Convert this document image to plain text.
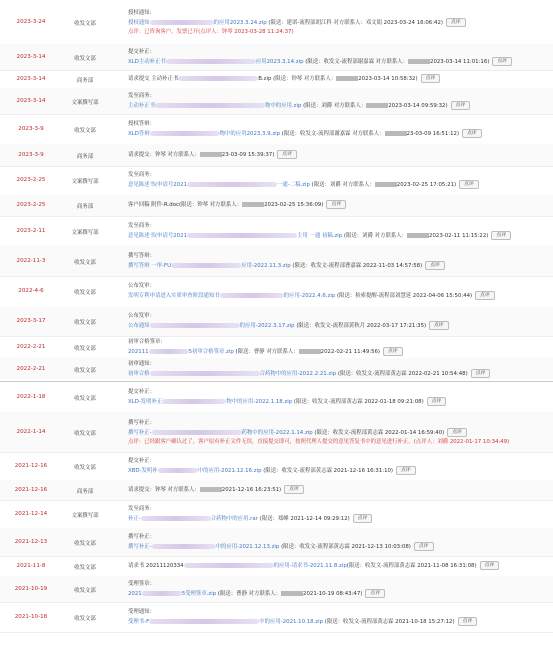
2023-3-24	收发文部
授权通知:
授权通知	的应用2023.3.24.zip (限送：建诺-流程部胡江科 对方联系人：邓文娟 2023-03-24 16:06:42) 点评
点评：已咨询客户，发票已开(点评人：钟琴 2023-03-28 11:24:37)
2023-3-14	收发文部
提交补正：
XLD主动补正书	应用2023.3.14.zip (限送：收发文-流程部谢嘉霖 对方联系人：	2023-03-14 11:01:16) 点评
2023-3-14	商务部	请求提交 主动补正书	B.zip (限送：钟琴 对方联系人：	2023-03-14 10:58:32) 点评
2023-3-14	文案撰写部
发至商务：
主动补正书	物中的应用.zip (限送：刘爵 对方联系人：	2023-03-14 09:59:32) 点评
2023-3-9	收发文部
授权答辩：
XLD答辩	物中的应用2023.3.9.zip (限送：收发文-流程部谢嘉霖 对方联系人：	23-03-09 16:51:12) 点评
2023-3-9	商务部	请求提交：钟琴 对方联系人：	23-03-09 15:39:37) 点评
2023-2-25	文案撰写部
发至商务：
意见陈述书(申请号2021	一通-二稿.zip (限送：刘爵 对方联系人：	2023-02-25 17:05:21) 点评
2023-2-25	商务部	客户回稿 附件-R.doc(限送：钟琴 对方联系人：	2023-02-25 15:36:09) 点评
2023-2-11	文案撰写部
发至商务：
意见陈述书(申请号2021	主用 一通 初稿.zip (限送：刘爵 对方联系人：	2023-02-11 11:15:22) 点评
2022-11-3	收发文部
撰写答辩：
撰写答辩 一审-FU	应用-2022.11.3.zip (限送：收发文-流程部曹嘉霖 2022-11-03 14:57:58) 点评
2022-4-6	收发文部
公布发审：
发明专利申请进入实质审查阶段通知书	的应用-2022.4.6.zip (限送：检索提醒-流程部刘慧延 2022-04-06 15:50:44) 点评
2023-3-17	收发文部
公布发审：
公布通知	的应用-2022.3.17.zip (限送：收发文-流程部黄秋月 2022-03-17 17:21:35) 点评
2022-2-21	收发文部
初审合格签章：
202111	5初审合格签章.zip (限送：曹静 对方联系人：	2022-02-21 11:49:56) 点评
2022-2-21	收发文部
初审通知：
初审合格	合药物中的应用-2022.2.21.zip (限送：收发文-流程部黄志霖 2022-02-21 10:54:48) 点评
2022-1-18	收发文部
提交补正：
XLD-发明补正	物中的应用-2022.1.18.zip (限送：收发文-流程部黄志霖 2022-01-18 09:21:08) 点评
2022-1-14	收发文部
撰写补正：
撰写补正-	药物中的应用-2022.1.14.zip (限送：收发文-流程部黄志霖 2022-01-14 16:59:40) 点评
点评：已经跟客户确认过了，客户原有补正文件无误，直接提交即可，按照代理人提交的意见答复书中的意见进行补正。(点评人：刘爵 2022-01-17 10:34:49)
2021-12-16	收发文部
提交补正：
XBD-发明补	中的应用-2021.12.16.zip (限送：收发文-流程部黄志霖 2021-12-16 16:31:10) 点评
2021-12-16	商务部	请求提交：钟琴 对方联系人：	2021-12-16 16:23:51) 点评
2021-12-14	文案撰写部
发至商务：
补正-	合药物中的应用.rar (限送：郑峰 2021-12-14 09:29:12) 点评
2021-12-13	收发文部
撰写补正：
撰写补正-	中的应用-2021.12.13.zip (限送：收发文-流程部黄志霖 2021-12-13 10:03:08) 点评
2021-11-8	收发文部	请求书 20211120334	的应用-请求书-2021.11.8.zip(限送：收发文-流程部黄志霖 2021-11-08 16:31:08) 点评
2021-10-19	收发文部
受理签章：
2021	5受理签章.zip (限送：曹静 对方联系人：	2021-10-19 08:43:47) 点评
2021-10-18	收发文部
受理通知：
受理书-F	中的应用-2021.10.18.zip (限送：收发文-流程部黄志霖 2021-10-18 15:27:12) 点评
